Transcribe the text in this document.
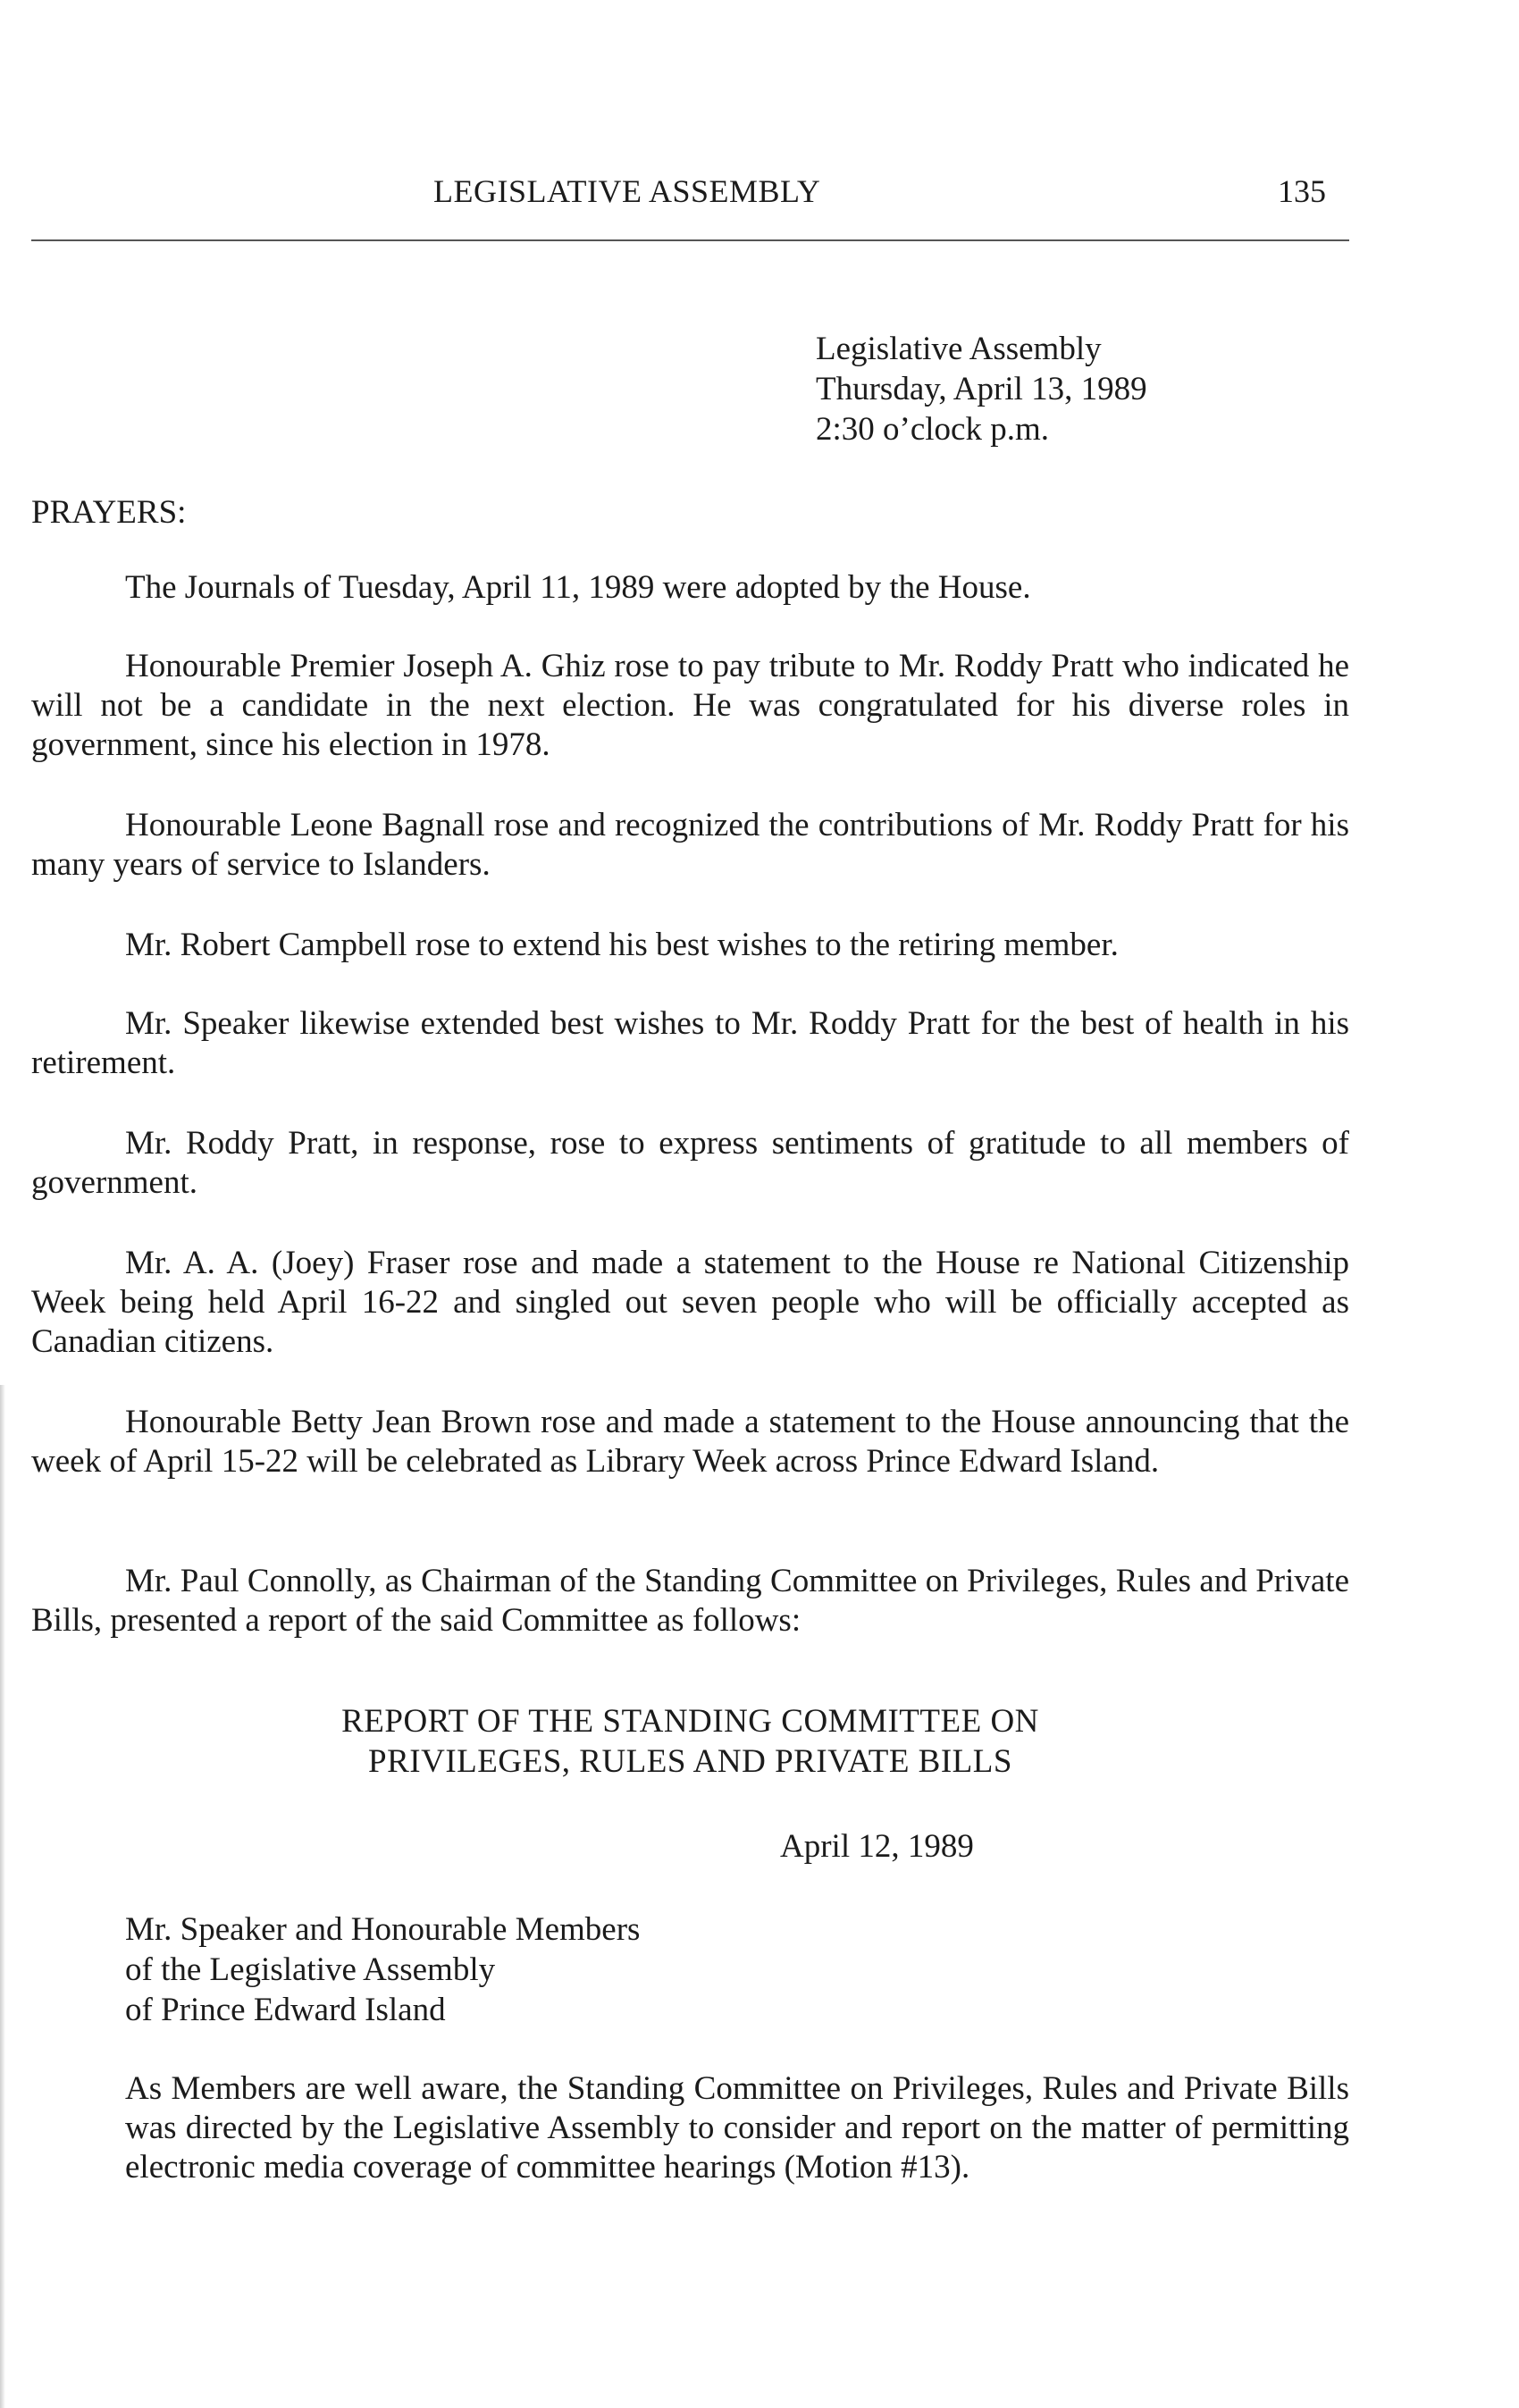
LEGISLATIVE ASSEMBLY	135
Legislative Assembly
Thursday, April 13, 1989
2:30 o’clock p.m.
PRAYERS:

The Journals of Tuesday, April 11, 1989 were adopted by the House.

Honourable Premier Joseph A. Ghiz rose to pay tribute to Mr. Roddy Pratt who indicated he will not be a candidate in the next election. He was congratulated for his diverse roles in government, since his election in 1978.

Honourable Leone Bagnall rose and recognized the contributions of Mr. Roddy Pratt for his many years of service to Islanders.

Mr. Robert Campbell rose to extend his best wishes to the retiring member.

Mr. Speaker likewise extended best wishes to Mr. Roddy Pratt for the best of health in his retirement.

Mr. Roddy Pratt, in response, rose to express sentiments of gratitude to all members of government.

Mr. A. A. (Joey) Fraser rose and made a statement to the House re National Citizenship Week being held April 16-22 and singled out seven people who will be officially accepted as Canadian citizens.

Honourable Betty Jean Brown rose and made a statement to the House announcing that the week of April 15-22 will be celebrated as Library Week across Prince Edward Island.

Mr. Paul Connolly, as Chairman of the Standing Committee on Privileges, Rules and Private Bills, presented a report of the said Committee as follows:

REPORT OF THE STANDING COMMITTEE ON
PRIVILEGES, RULES AND PRIVATE BILLS
April 12, 1989
Mr. Speaker and Honourable Members
of the Legislative Assembly
of Prince Edward Island

As Members are well aware, the Standing Committee on Privileges, Rules and Private Bills was directed by the Legislative Assembly to consider and report on the matter of permitting electronic media coverage of committee hearings (Motion #13).
